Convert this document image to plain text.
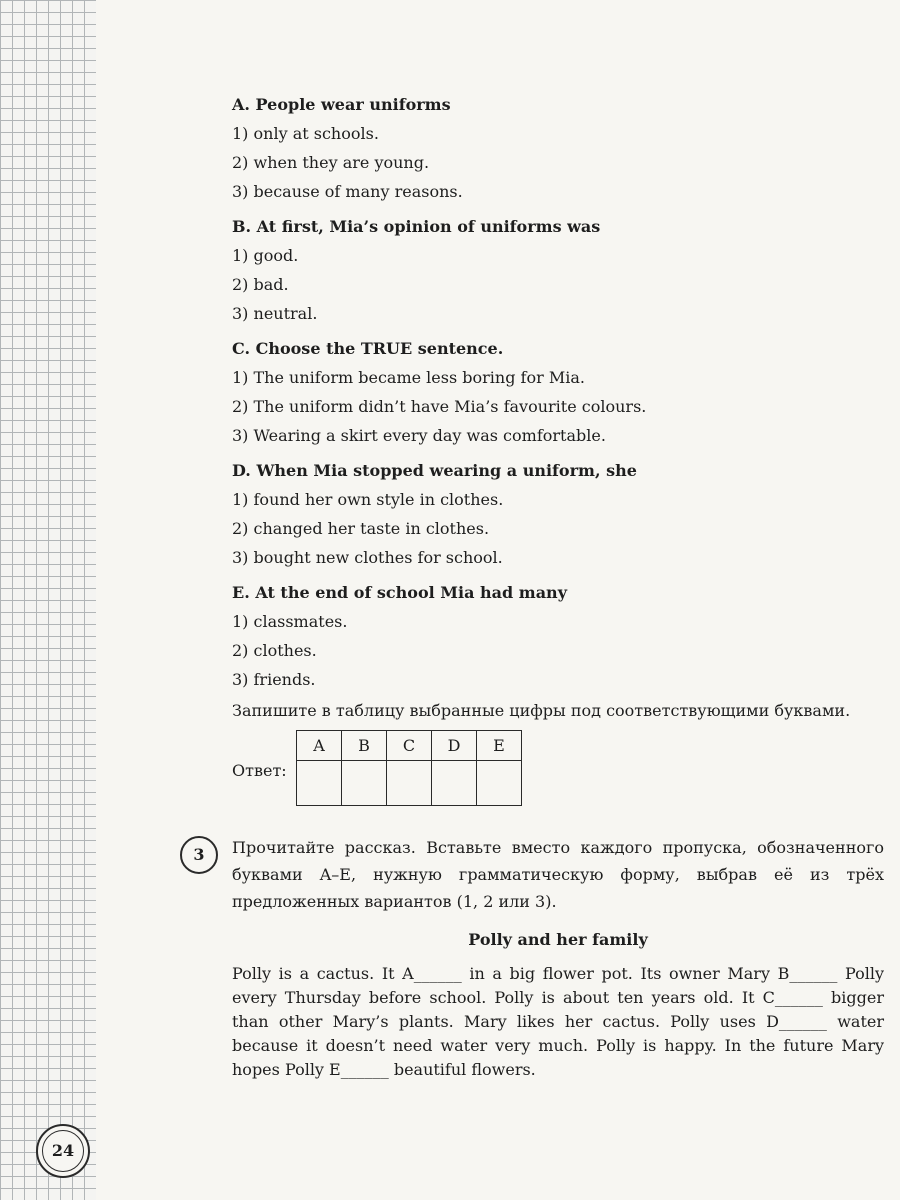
A. People wear uniforms
1) only at schools.
2) when they are young.
3) because of many reasons.
B. At first, Mia’s opinion of uniforms was
1) good.
2) bad.
3) neutral.
C. Choose the TRUE sentence.
1) The uniform became less boring for Mia.
2) The uniform didn’t have Mia’s favourite colours.
3) Wearing a skirt every day was comfortable.
D. When Mia stopped wearing a uniform, she
1) found her own style in clothes.
2) changed her taste in clothes.
3) bought new clothes for school.
E. At the end of school Mia had many
1) classmates.
2) clothes.
3) friends.
Запишите в таблицу выбранные цифры под соответствующими буквами.
Ответ:
A	B	C	D	E

3	Прочитайте рассказ. Вставьте вместо каждого пропуска, обозначенного буквами A–E, нужную грамматическую форму, выбрав её из трёх предложенных вариантов (1, 2 или 3).
Polly and her family
Polly is a cactus. It A______ in a big flower pot. Its owner Mary B______ Polly every Thursday before school. Polly is about ten years old. It C______ bigger than other Mary’s plants. Mary likes her cactus. Polly uses D______ water because it doesn’t need water very much. Polly is happy. In the future Mary hopes Polly E______ beautiful flowers.
24
